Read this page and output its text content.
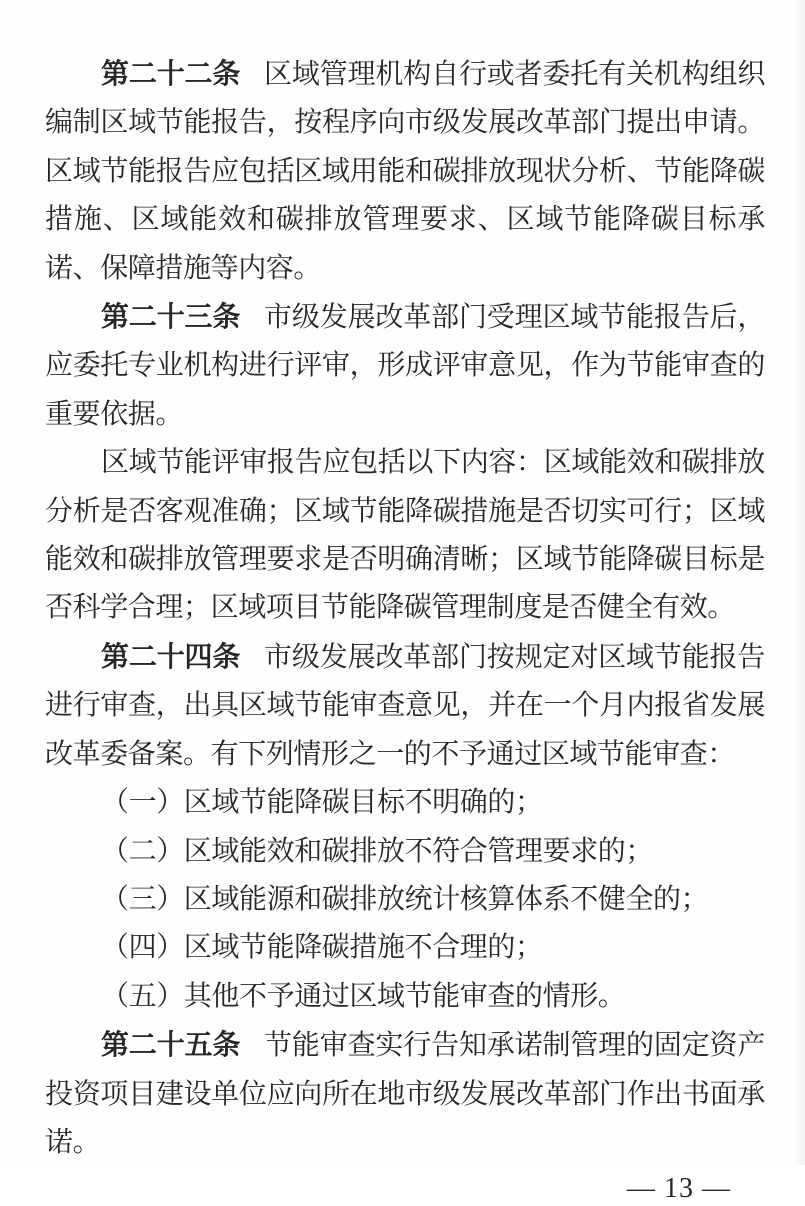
第二十二条 区域管理机构自行或者委托有关机构组织编制区域节能报告，按程序向市级发展改革部门提出申请。区域节能报告应包括区域用能和碳排放现状分析、节能降碳措施、区域能效和碳排放管理要求、区域节能降碳目标承诺、保障措施等内容。

第二十三条 市级发展改革部门受理区域节能报告后，应委托专业机构进行评审，形成评审意见，作为节能审查的重要依据。

区域节能评审报告应包括以下内容：区域能效和碳排放分析是否客观准确；区域节能降碳措施是否切实可行；区域能效和碳排放管理要求是否明确清晰；区域节能降碳目标是否科学合理；区域项目节能降碳管理制度是否健全有效。

第二十四条 市级发展改革部门按规定对区域节能报告进行审查，出具区域节能审查意见，并在一个月内报省发展改革委备案。有下列情形之一的不予通过区域节能审查：

（一）区域节能降碳目标不明确的；

（二）区域能效和碳排放不符合管理要求的；

（三）区域能源和碳排放统计核算体系不健全的；

（四）区域节能降碳措施不合理的；

（五）其他不予通过区域节能审查的情形。

第二十五条 节能审查实行告知承诺制管理的固定资产投资项目建设单位应向所在地市级发展改革部门作出书面承诺。

— 13 —
